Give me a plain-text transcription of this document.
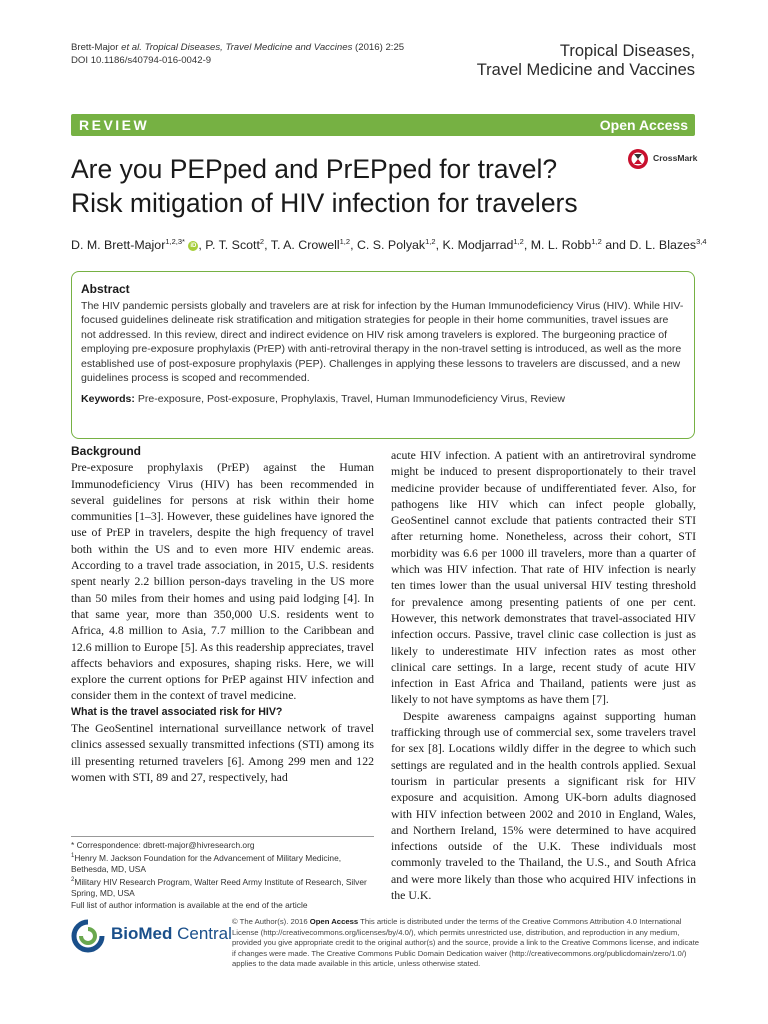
Brett-Major et al. Tropical Diseases, Travel Medicine and Vaccines (2016) 2:25
DOI 10.1186/s40794-016-0042-9
Tropical Diseases,
Travel Medicine and Vaccines
REVIEW	Open Access
Are you PEPped and PrEPped for travel?
Risk mitigation of HIV infection for travelers
CrossMark
D. M. Brett-Major$^{1,2,3*}$ iD , P. T. Scott$^2$, T. A. Crowell$^{1,2}$, C. S. Polyak$^{1,2}$, K. Modjarrad$^{1,2}$, M. L. Robb$^{1,2}$ and D. L. Blazes$^{3,4}$

Abstract

The HIV pandemic persists globally and travelers are at risk for infection by the Human Immunodeficiency Virus (HIV). While HIV-focused guidelines delineate risk stratification and mitigation strategies for people in their home communities, travel issues are not addressed. In this review, direct and indirect evidence on HIV risk among travelers is explored. The burgeoning practice of employing pre-exposure prophylaxis (PrEP) with anti-retroviral therapy in the non-travel setting is introduced, as well as the more established use of post-exposure prophylaxis (PEP). Challenges in applying these lessons to travelers are discussed, and a new guidelines process is scoped and recommended.

Keywords: Pre-exposure, Post-exposure, Prophylaxis, Travel, Human Immunodeficiency Virus, Review

Background

Pre-exposure prophylaxis (PrEP) against the Human Immunodeficiency Virus (HIV) has been recommended in several guidelines for persons at risk within their home communities [1–3]. However, these guidelines have ignored the use of PrEP in travelers, despite the high frequency of travel both within the US and to even more HIV endemic areas. According to a travel trade association, in 2015, U.S. residents spent nearly 2.2 billion person-days traveling in the US more than 50 miles from their homes and using paid lodging [4]. In that same year, more than 350,000 U.S. residents went to Africa, 4.8 million to Asia, 7.7 million to the Caribbean and 12.6 million to Europe [5]. As this readership appreciates, travel affects behaviors and exposures, shaping risks. Here, we will explore the current options for PrEP against HIV infection and consider them in the context of travel medicine.

What is the travel associated risk for HIV?

The GeoSentinel international surveillance network of travel clinics assessed sexually transmitted infections (STI) among its ill presenting returned travelers [6]. Among 299 men and 122 women with STI, 89 and 27, respectively, had

* Correspondence: dbrett-major@hivresearch.org

$^1$Henry M. Jackson Foundation for the Advancement of Military Medicine, Bethesda, MD, USA

$^2$Military HIV Research Program, Walter Reed Army Institute of Research, Silver Spring, MD, USA

Full list of author information is available at the end of the article

acute HIV infection. A patient with an antiretroviral syndrome might be induced to present disproportionately to their travel medicine provider because of undifferentiated fever. Also, for pathogens like HIV which can infect people globally, GeoSentinel cannot exclude that patients contracted their STI after returning home. Nonetheless, across their cohort, STI morbidity was 6.6 per 1000 ill travelers, more than a quarter of which was HIV infection. That rate of HIV infection is nearly ten times lower than the usual universal HIV testing threshold for prevalence among presenting patients of one per cent. However, this network demonstrates that travel-associated HIV infection occurs. Passive, travel clinic case collection is just as likely to underestimate HIV infection rates as most other clinical care settings. In a large, recent study of acute HIV infection in East Africa and Thailand, patients were just as likely to not have symptoms as have them [7].

Despite awareness campaigns against supporting human trafficking through use of commercial sex, some travelers travel for sex [8]. Locations wildly differ in the degree to which such settings are regulated and in the health controls applied. Sexual tourism in particular presents a significant risk for HIV exposure and acquisition. Among UK-born adults diagnosed with HIV infection between 2002 and 2010 in England, Wales, and Northern Ireland, 15% were determined to have acquired infections outside of the U.K. These individuals most commonly traveled to the Thailand, the U.S., and South Africa and were more likely than those who acquired HIV infections in the U.K.

BioMed Central

© The Author(s). 2016 Open Access This article is distributed under the terms of the Creative Commons Attribution 4.0 International License (http://creativecommons.org/licenses/by/4.0/), which permits unrestricted use, distribution, and reproduction in any medium, provided you give appropriate credit to the original author(s) and the source, provide a link to the Creative Commons license, and indicate if changes were made. The Creative Commons Public Domain Dedication waiver (http://creativecommons.org/publicdomain/zero/1.0/) applies to the data made available in this article, unless otherwise stated.
